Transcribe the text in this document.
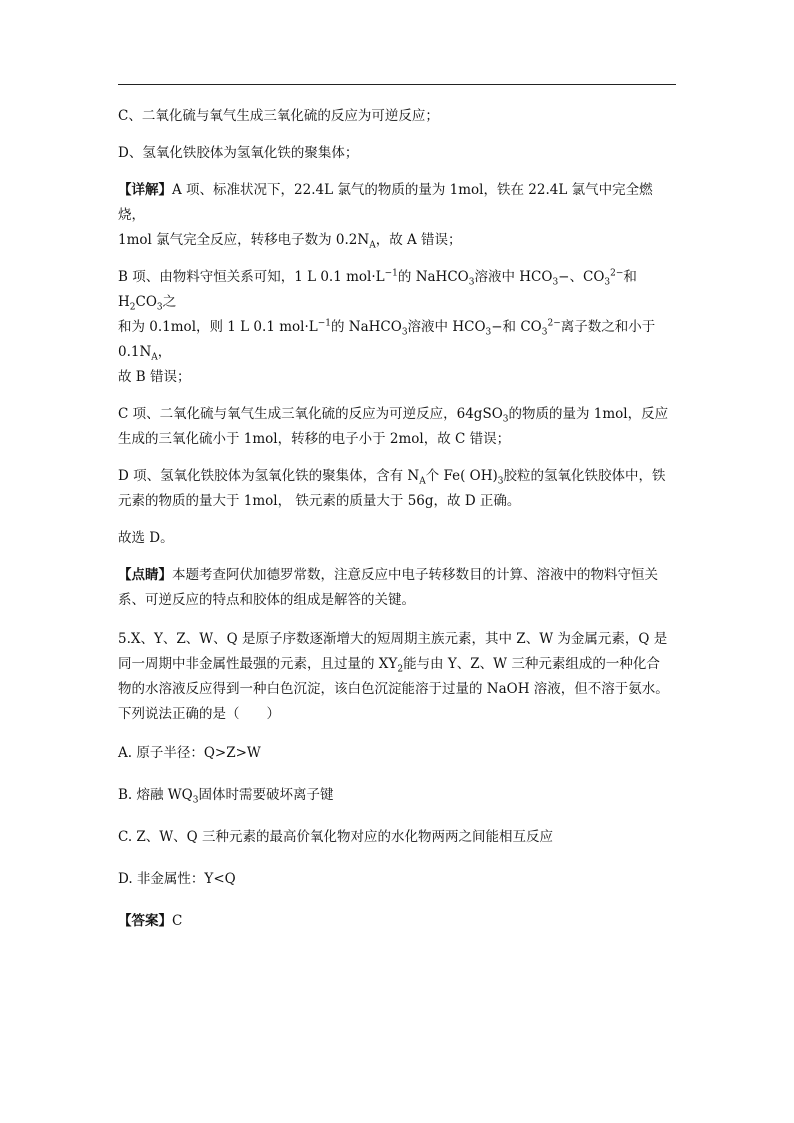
C、二氧化硫与氧气生成三氧化硫的反应为可逆反应；

D、氢氧化铁胶体为氢氧化铁的聚集体；

【详解】A 项、标准状况下，22.4L 氯气的物质的量为 1mol，铁在 22.4L 氯气中完全燃烧，
1mol 氯气完全反应，转移电子数为 $0.2N_A$，故 A 错误；

B 项、由物料守恒关系可知，1 L 0.1 $mol\cdot L^{-1}$的 NaHCO$_3$溶液中 $HCO_3-$、$CO_3^{2-}$和 $H_2CO_3$之
和为 0.1mol，则 1 L 0.1 $mol\cdot L^{-1}$的 NaHCO$_3$溶液中 $HCO_3-$和 $CO_3^{2-}$离子数之和小于 $0.1N_A$，
故 B 错误；

C 项、二氧化硫与氧气生成三氧化硫的反应为可逆反应，64gSO$_3$的物质的量为 1mol，反应
生成的三氧化硫小于 1mol，转移的电子小于 2mol，故 C 错误；

D 项、氢氧化铁胶体为氢氧化铁的聚集体，含有 $N_A$个 Fe( $OH)_3$胶粒的氢氧化铁胶体中，铁
元素的物质的量大于 1mol， 铁元素的质量大于 56g，故 D 正确。

故选 D。

【点睛】本题考查阿伏加德罗常数，注意反应中电子转移数目的计算、溶液中的物料守恒关
系、可逆反应的特点和胶体的组成是解答的关键。

5.X、Y、Z、W、Q 是原子序数逐渐增大的短周期主族元素，其中 Z、W 为金属元素，Q 是
同一周期中非金属性最强的元素，且过量的 $XY_2$能与由 Y、Z、W 三种元素组成的一种化合
物的水溶液反应得到一种白色沉淀，该白色沉淀能溶于过量的 NaOH 溶液，但不溶于氨水。
下列说法正确的是（　　）

A. 原子半径：Q>Z>W

B. 熔融 $WQ_3$固体时需要破坏离子键

C. Z、W、Q 三种元素的最高价氧化物对应的水化物两两之间能相互反应

D. 非金属性：Y<Q

【答案】C
